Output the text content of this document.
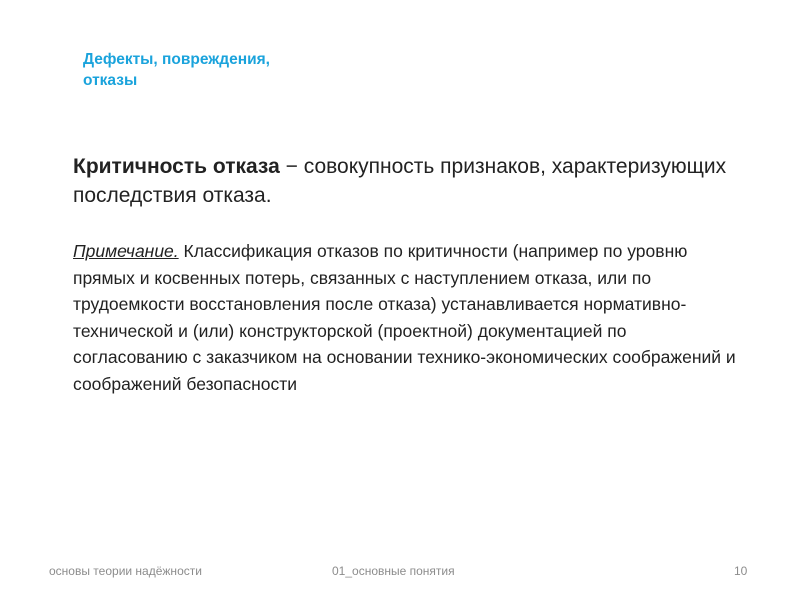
Дефекты, повреждения,
отказы

Критичность отказа − совокупность признаков, характеризующих последствия отказа.

Примечание. Классификация отказов по критичности (например по уровню прямых и косвенных потерь, связанных с наступлением отказа, или по трудоемкости восстановления после отказа) устанавливается нормативно-технической и (или) конструкторской (проектной) документацией по согласованию с заказчиком на основании технико-экономических соображений и соображений безопасности

основы теории надёжности	01_основные понятия	10
